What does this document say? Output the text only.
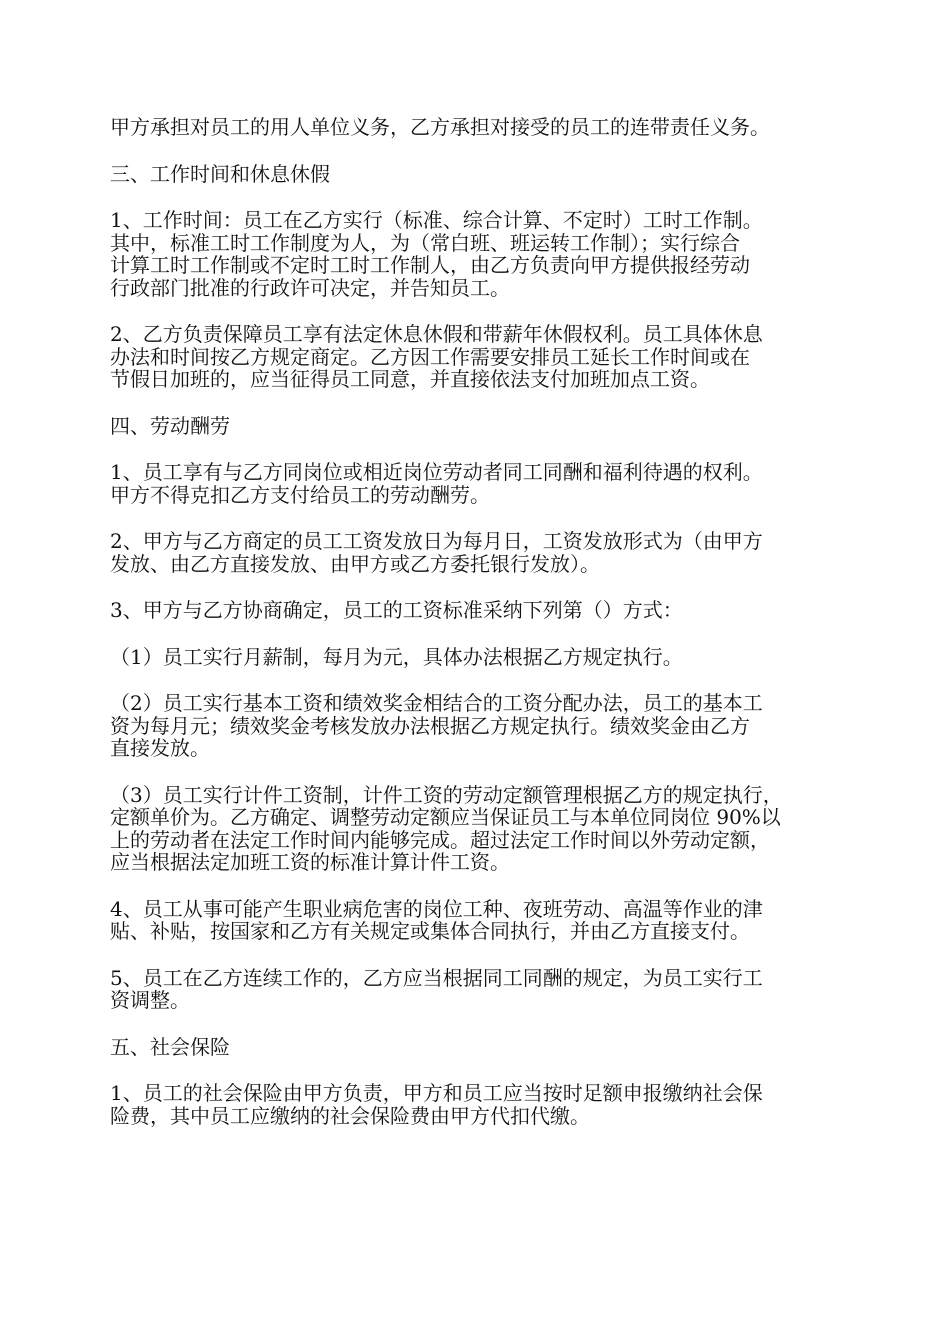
甲方承担对员工的用人单位义务，乙方承担对接受的员工的连带责任义务。

三、工作时间和休息休假

1、工作时间：员工在乙方实行（标准、综合计算、不定时）工时工作制。
其中，标准工时工作制度为人，为（常白班、班运转工作制）；实行综合
计算工时工作制或不定时工时工作制人，由乙方负责向甲方提供报经劳动
行政部门批准的行政许可决定，并告知员工。

2、乙方负责保障员工享有法定休息休假和带薪年休假权利。员工具体休息
办法和时间按乙方规定商定。乙方因工作需要安排员工延长工作时间或在
节假日加班的，应当征得员工同意，并直接依法支付加班加点工资。

四、劳动酬劳

1、员工享有与乙方同岗位或相近岗位劳动者同工同酬和福利待遇的权利。
甲方不得克扣乙方支付给员工的劳动酬劳。

2、甲方与乙方商定的员工工资发放日为每月日，工资发放形式为（由甲方
发放、由乙方直接发放、由甲方或乙方委托银行发放）。

3、甲方与乙方协商确定，员工的工资标准采纳下列第（）方式：

（1）员工实行月薪制，每月为元，具体办法根据乙方规定执行。

（2）员工实行基本工资和绩效奖金相结合的工资分配办法，员工的基本工
资为每月元；绩效奖金考核发放办法根据乙方规定执行。绩效奖金由乙方
直接发放。

（3）员工实行计件工资制，计件工资的劳动定额管理根据乙方的规定执行，
定额单价为。乙方确定、调整劳动定额应当保证员工与本单位同岗位 90%以
上的劳动者在法定工作时间内能够完成。超过法定工作时间以外劳动定额，
应当根据法定加班工资的标准计算计件工资。

4、员工从事可能产生职业病危害的岗位工种、夜班劳动、高温等作业的津
贴、补贴，按国家和乙方有关规定或集体合同执行，并由乙方直接支付。

5、员工在乙方连续工作的，乙方应当根据同工同酬的规定，为员工实行工
资调整。

五、社会保险

1、员工的社会保险由甲方负责，甲方和员工应当按时足额申报缴纳社会保
险费，其中员工应缴纳的社会保险费由甲方代扣代缴。
